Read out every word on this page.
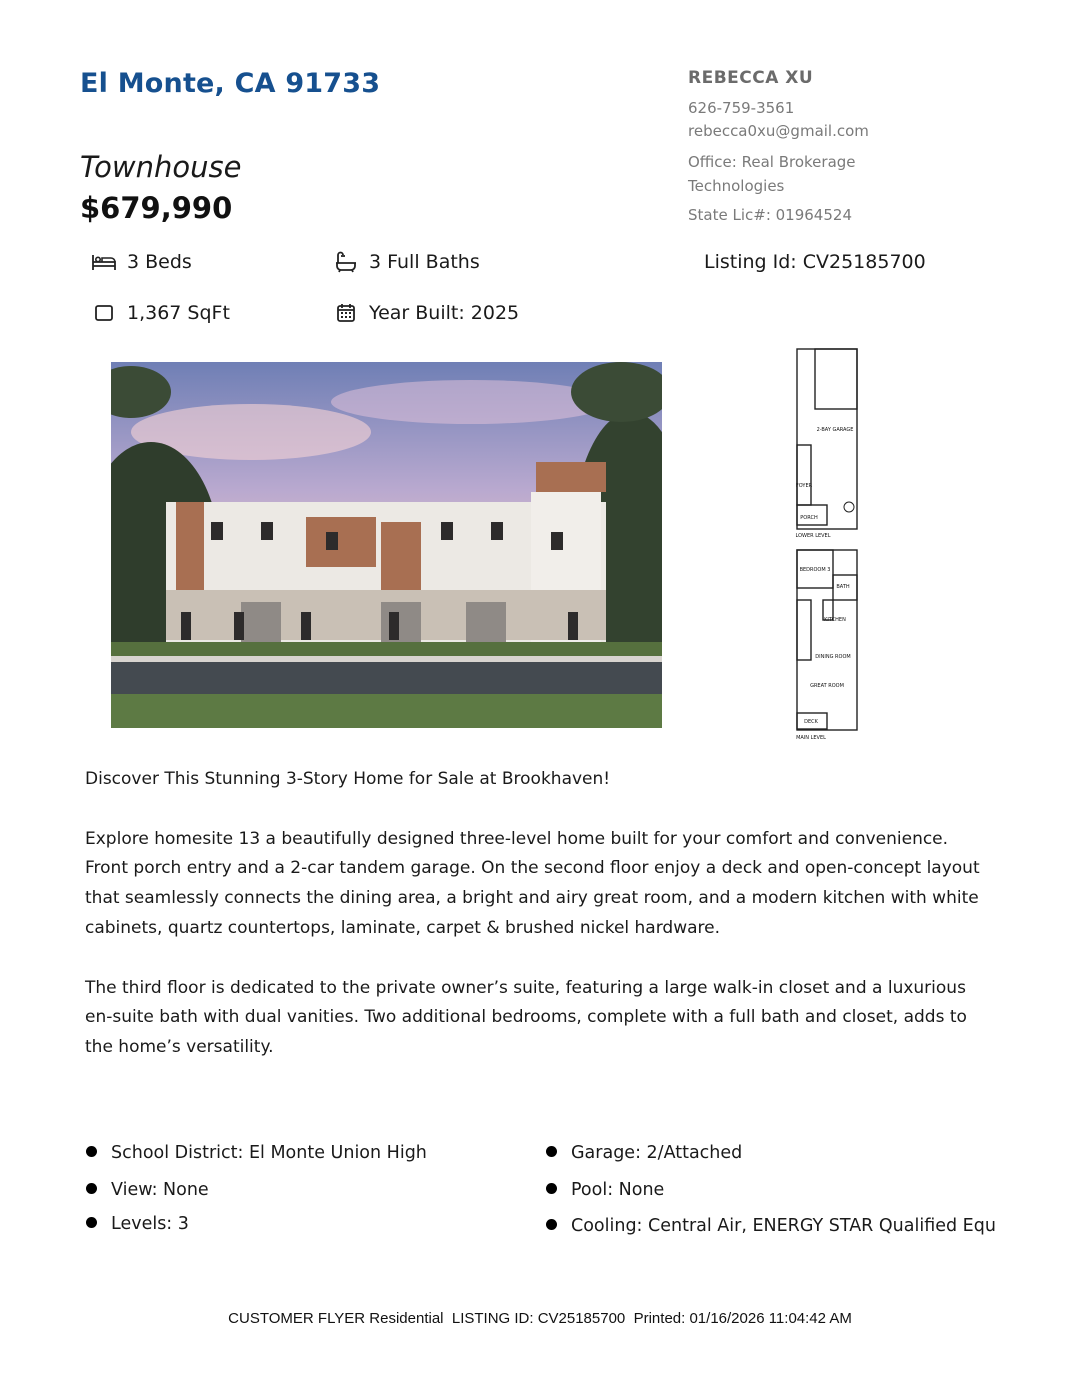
El Monte, CA 91733
Townhouse
$679,990
REBECCA XU
626-759-3561
rebecca0xu@gmail.com
Office: Real Brokerage
Technologies
State Lic#: 01964524
3 Beds	3 Full Baths	Listing Id: CV25185700
1,367 SqFt	Year Built: 2025
2-BAY GARAGE
FOYER
PORCH
LOWER LEVEL
BEDROOM 3
BATH
KITCHEN
DINING ROOM
GREAT ROOM
DECK
MAIN LEVEL

Discover This Stunning 3-Story Home for Sale at Brookhaven!

Explore homesite 13 a beautifully designed three-level home built for your comfort and convenience. Front porch entry and a 2-car tandem garage. On the second floor enjoy a deck and open-concept layout that seamlessly connects the dining area, a bright and airy great room, and a modern kitchen with white cabinets, quartz countertops, laminate, carpet & brushed nickel hardware.

The third floor is dedicated to the private owner’s suite, featuring a large walk-in closet and a luxurious en-suite bath with dual vanities. Two additional bedrooms, complete with a full bath and closet, adds to the home’s versatility.

School District: El Monte Union High
View: None
Levels: 3
Garage: 2/Attached
Pool: None
Cooling: Central Air, ENERGY STAR Qualified Equ
CUSTOMER FLYER Residential  LISTING ID: CV25185700  Printed: 01/16/2026 11:04:42 AM
